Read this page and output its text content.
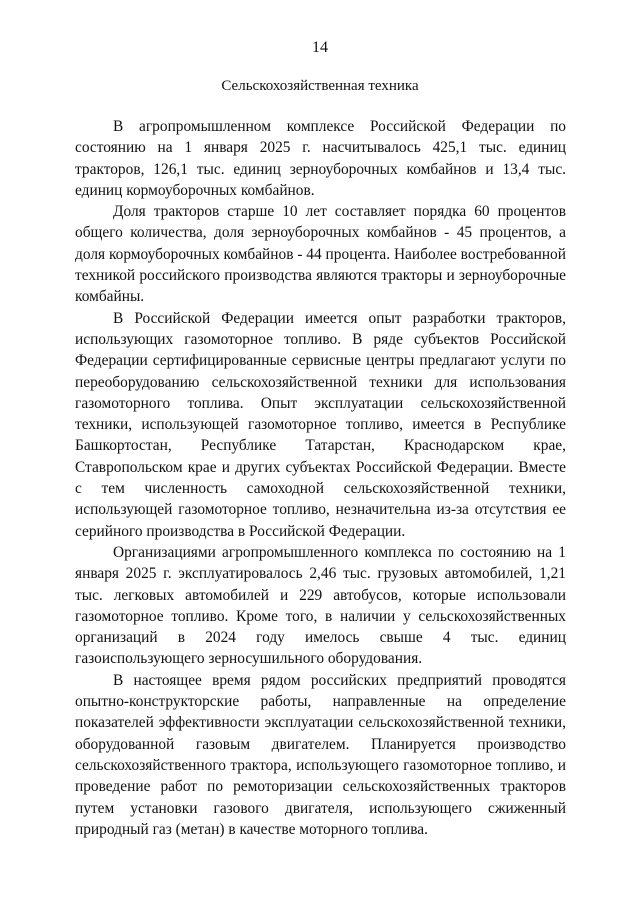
14
Сельскохозяйственная техника

В агропромышленном комплексе Российской Федерации по состоянию на 1 января 2025 г. насчитывалось 425,1 тыс. единиц тракторов, 126,1 тыс. единиц зерноуборочных комбайнов и 13,4 тыс. единиц кормоуборочных комбайнов.

Доля тракторов старше 10 лет составляет порядка 60 процентов общего количества, доля зерноуборочных комбайнов - 45 процентов, а доля кормоуборочных комбайнов - 44 процента. Наиболее востребованной техникой российского производства являются тракторы и зерноуборочные комбайны.

В Российской Федерации имеется опыт разработки тракторов, использующих газомоторное топливо. В ряде субъектов Российской Федерации сертифицированные сервисные центры предлагают услуги по переоборудованию сельскохозяйственной техники для использования газомоторного топлива. Опыт эксплуатации сельскохозяйственной техники, использующей газомоторное топливо, имеется в Республике Башкортостан, Республике Татарстан, Краснодарском крае, Ставропольском крае и других субъектах Российской Федерации. Вместе с тем численность самоходной сельскохозяйственной техники, использующей газомоторное топливо, незначительна из-за отсутствия ее серийного производства в Российской Федерации.

Организациями агропромышленного комплекса по состоянию на 1 января 2025 г. эксплуатировалось 2,46 тыс. грузовых автомобилей, 1,21 тыс. легковых автомобилей и 229 автобусов, которые использовали газомоторное топливо. Кроме того, в наличии у сельскохозяйственных организаций в 2024 году имелось свыше 4 тыс. единиц газоиспользующего зерносушильного оборудования.

В настоящее время рядом российских предприятий проводятся опытно-конструкторские работы, направленные на определение показателей эффективности эксплуатации сельскохозяйственной техники, оборудованной газовым двигателем. Планируется производство сельскохозяйственного трактора, использующего газомоторное топливо, и проведение работ по ремоторизации сельскохозяйственных тракторов путем установки газового двигателя, использующего сжиженный природный газ (метан) в качестве моторного топлива.
